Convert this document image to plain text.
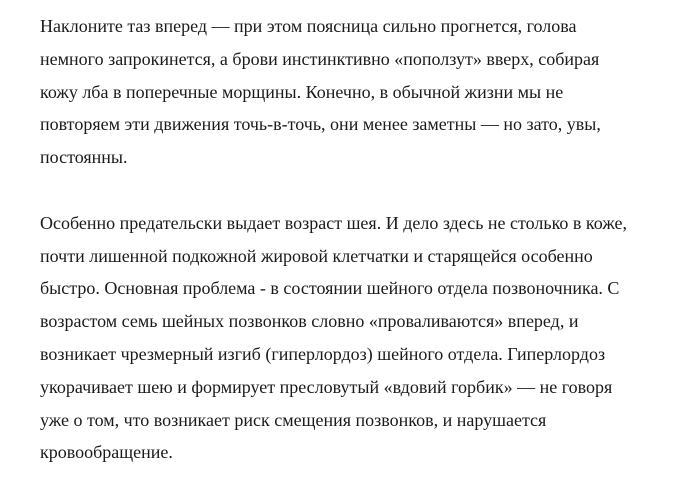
Наклоните таз вперед — при этом поясница сильно прогнется, голова
немного запрокинется, а брови инстинктивно «поползут» вверх, собирая
кожу лба в поперечные морщины. Конечно, в обычной жизни мы не
повторяем эти движения точь-в-точь, они менее заметны — но зато, увы,
постоянны.

Особенно предательски выдает возраст шея. И дело здесь не столько в коже,
почти лишенной подкожной жировой клетчатки и старящейся особенно
быстро. Основная проблема - в состоянии шейного отдела позвоночника. С
возрастом семь шейных позвонков словно «проваливаются» вперед, и
возникает чрезмерный изгиб (гиперлордоз) шейного отдела. Гиперлордоз
укорачивает шею и формирует пресловутый «вдовий горбик» — не говоря
уже о том, что возникает риск смещения позвонков, и нарушается
кровообращение.
